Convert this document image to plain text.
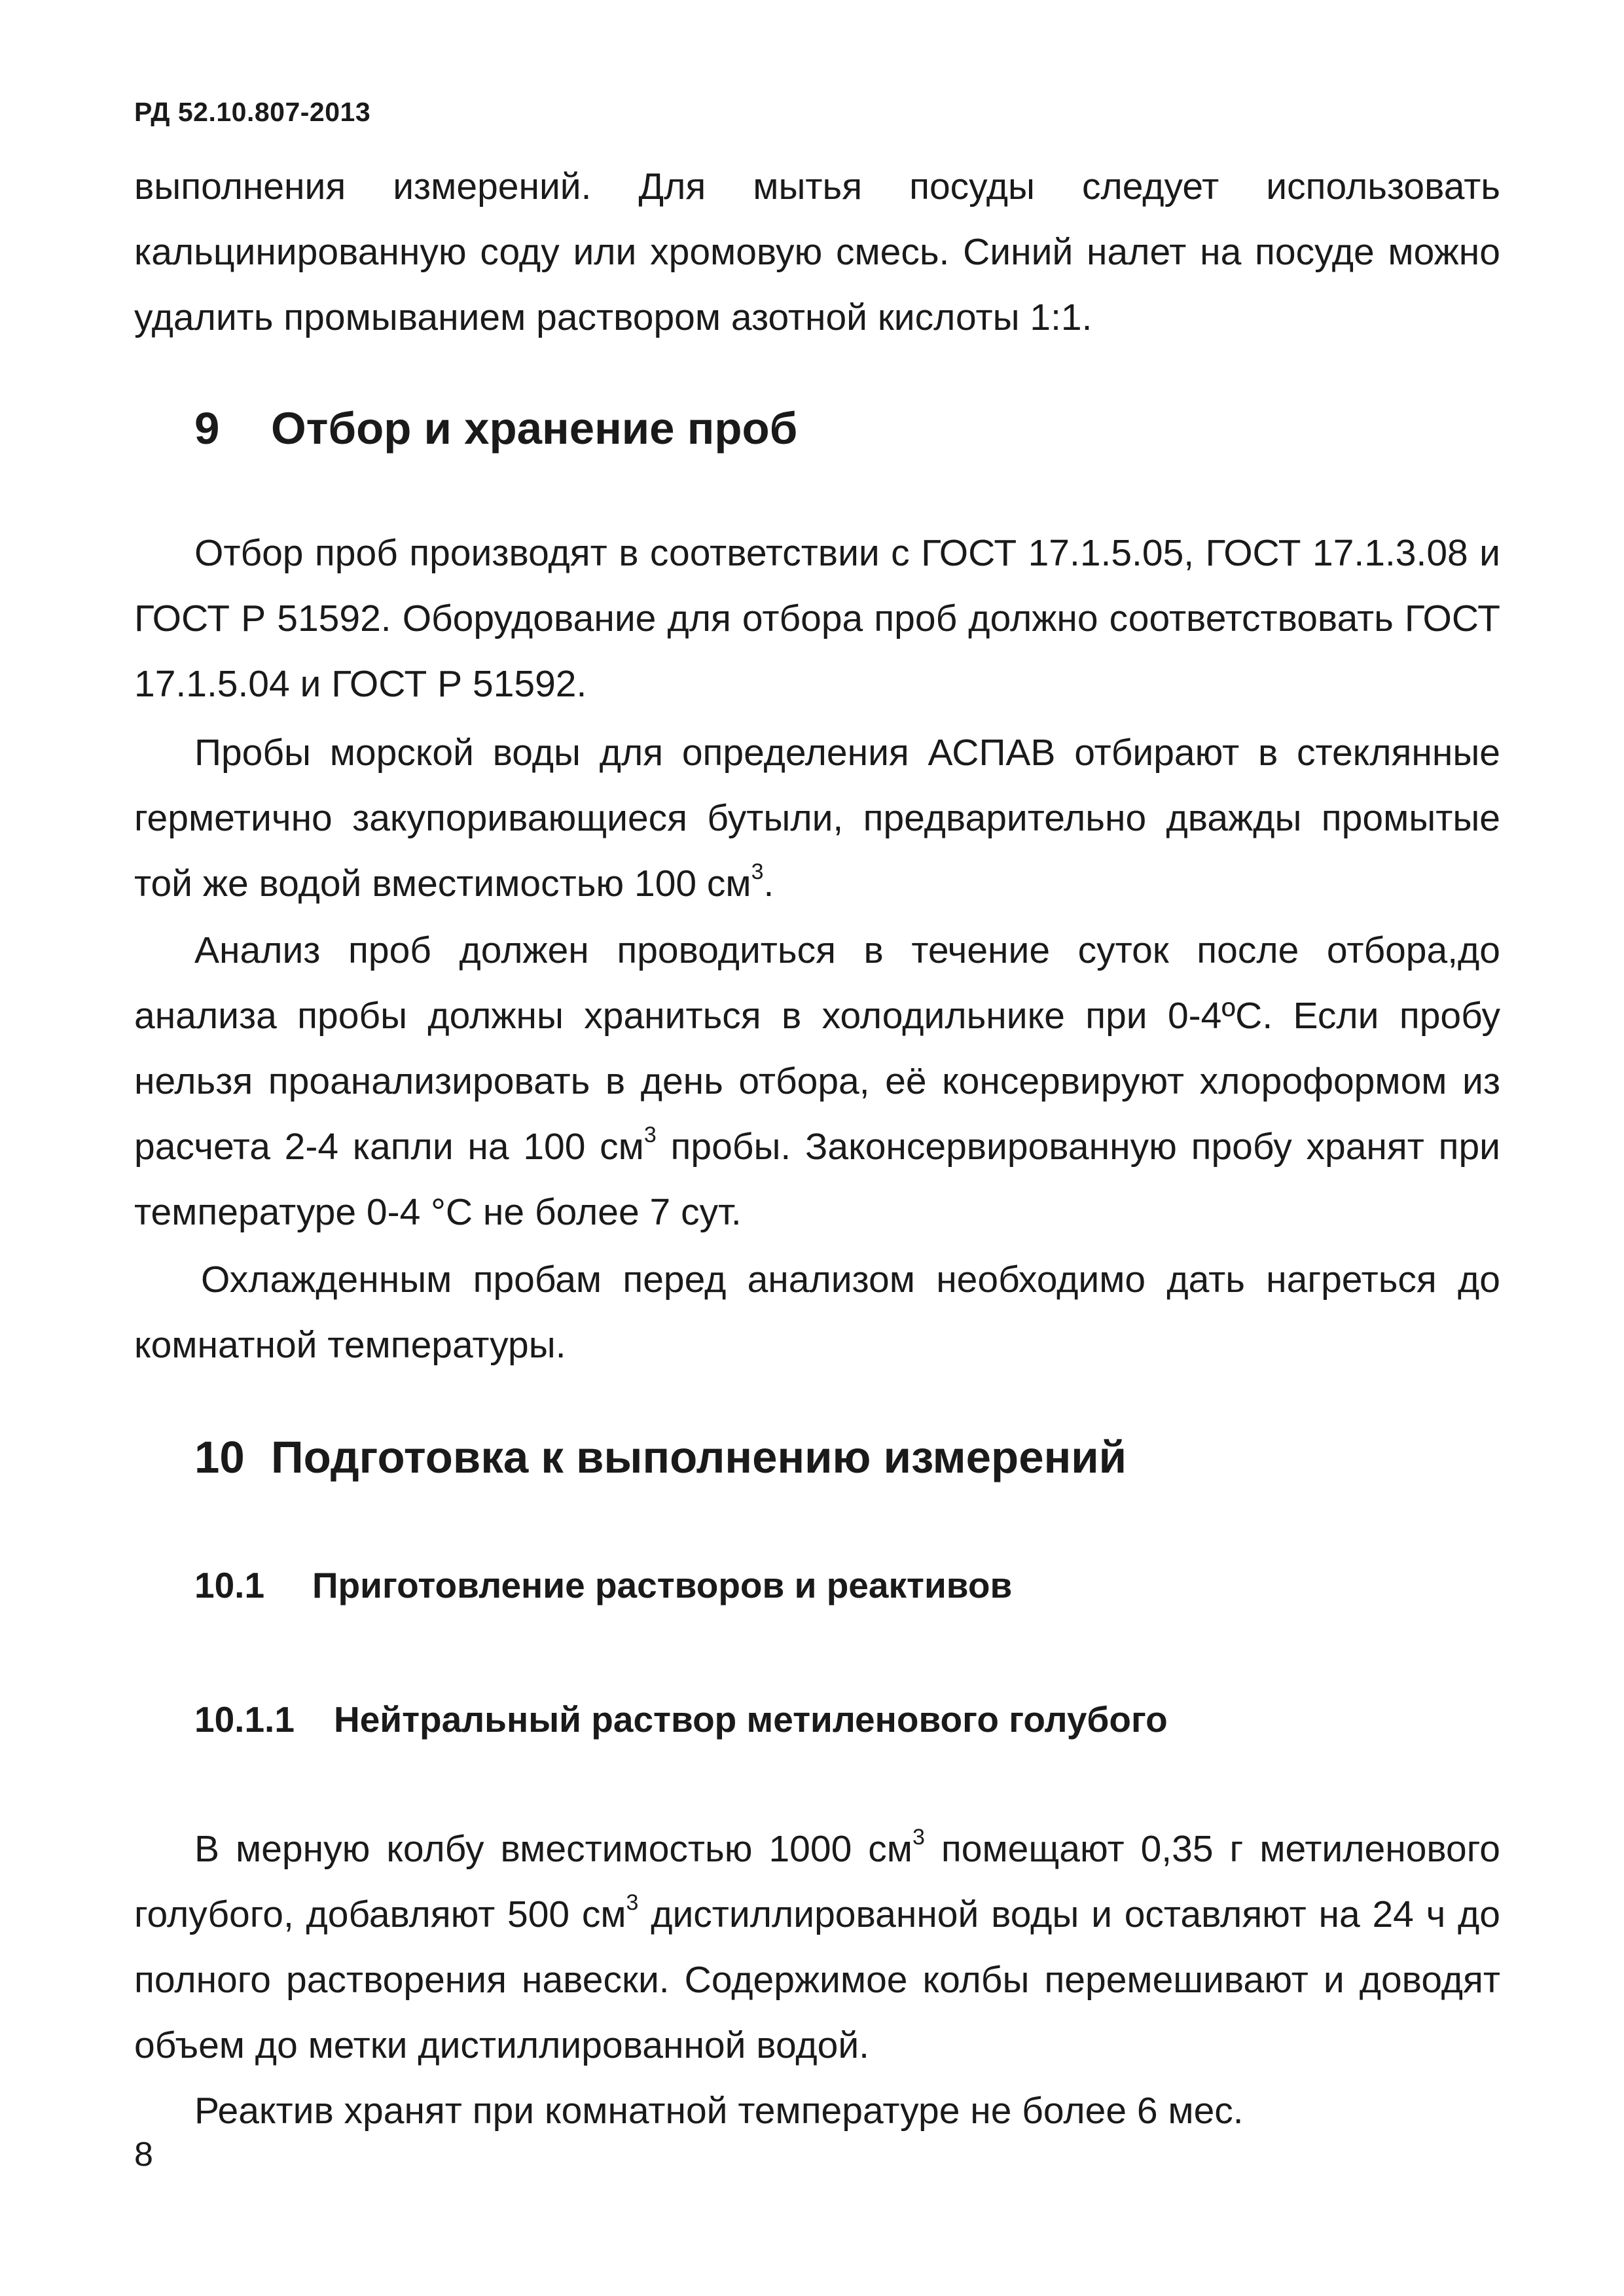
РД 52.10.807-2013

выполнения измерений. Для мытья посуды следует использовать кальцинированную соду или хромовую смесь. Синий налет на посуде можно удалить промыванием раствором азотной кислоты 1:1.

9 Отбор и хранение проб

Отбор проб производят в соответствии с ГОСТ 17.1.5.05, ГОСТ 17.1.3.08 и ГОСТ Р 51592. Оборудование для отбора проб должно соответствовать ГОСТ 17.1.5.04 и ГОСТ Р 51592.

Пробы морской воды для определения АСПАВ отбирают в стеклянные герметично закупоривающиеся бутыли, предварительно дважды промытые той же водой вместимостью 100 $см^3$.

Анализ проб должен проводиться в течение суток после отбора,до анализа пробы должны храниться в холодильнике при 0-4ºС. Если пробу нельзя проанализировать в день отбора, её консервируют хлороформом из расчета 2-4 капли на 100 $см^3$ пробы. Законсервированную пробу хранят при температуре 0-4 °С не более 7 сут.

Охлажденным пробам перед анализом необходимо дать нагреться до комнатной температуры.

10 Подготовка к выполнению измерений
10.1 Приготовление растворов и реактивов
10.1.1 Нейтральный раствор метиленового голубого

В мерную колбу вместимостью 1000 $см^3$ помещают 0,35 г метиленового голубого, добавляют 500 $см^3$ дистиллированной воды и оставляют на 24 ч до полного растворения навески. Содержимое колбы перемешивают и доводят объем до метки дистиллированной водой.

Реактив хранят при комнатной температуре не более 6 мес.

8
